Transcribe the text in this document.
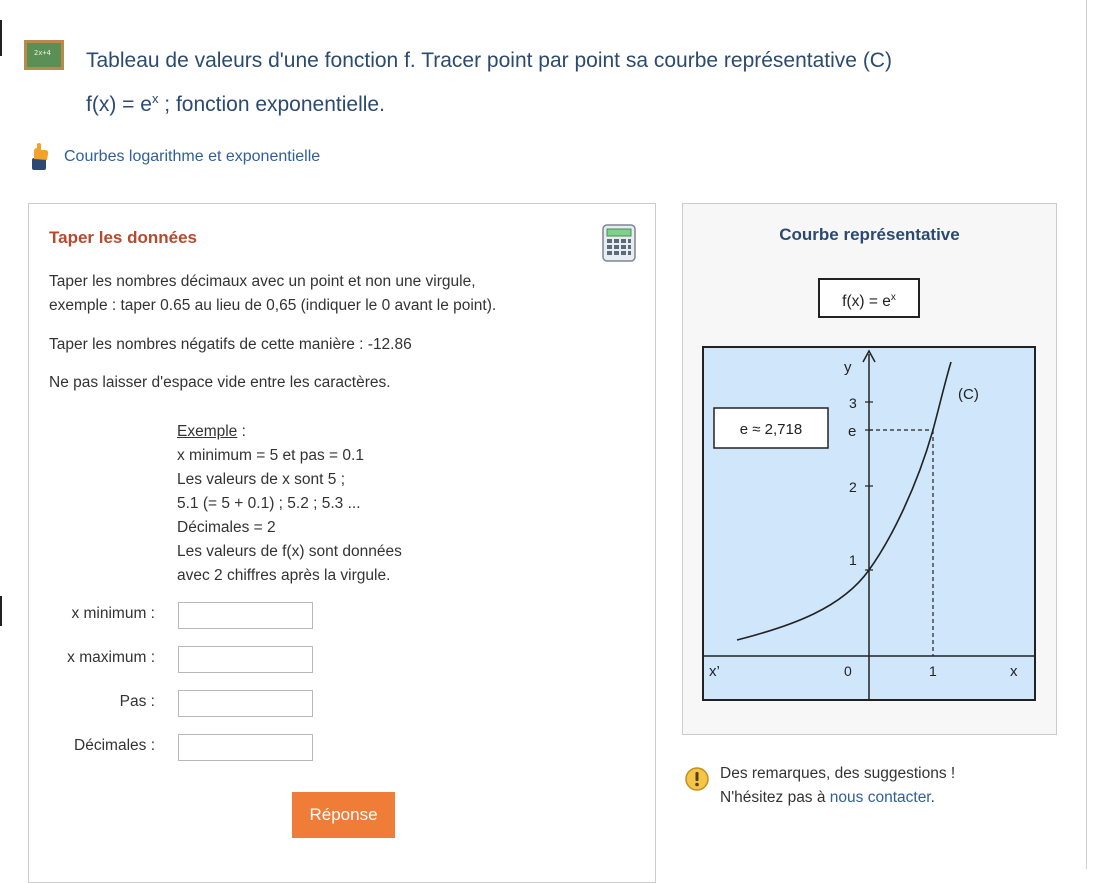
2x+4 Tableau de valeurs d'une fonction f. Tracer point par point sa courbe représentative (C)
$f(x) = e^x$ ; fonction exponentielle.
Courbes logarithme et exponentielle
Taper les données
Taper les nombres décimaux avec un point et non une virgule,
exemple : taper 0.65 au lieu de 0,65 (indiquer le 0 avant le point).
Taper les nombres négatifs de cette manière : -12.86
Ne pas laisser d'espace vide entre les caractères.
Exemple :
x minimum = 5 et pas = 0.1
Les valeurs de x sont 5 ;
5.1 (= 5 + 0.1) ; 5.2 ; 5.3 ...
Décimales = 2
Les valeurs de f(x) sont données
avec 2 chiffres après la virgule.
x minimum :
x maximum :
Pas :
Décimales :
Réponse
Courbe représentative
$f(x) = e^x$
e ≈ 2,718
(C)
y
3
e
2
1
x’	0	1	x
Des remarques, des suggestions !
N'hésitez pas à nous contacter.
